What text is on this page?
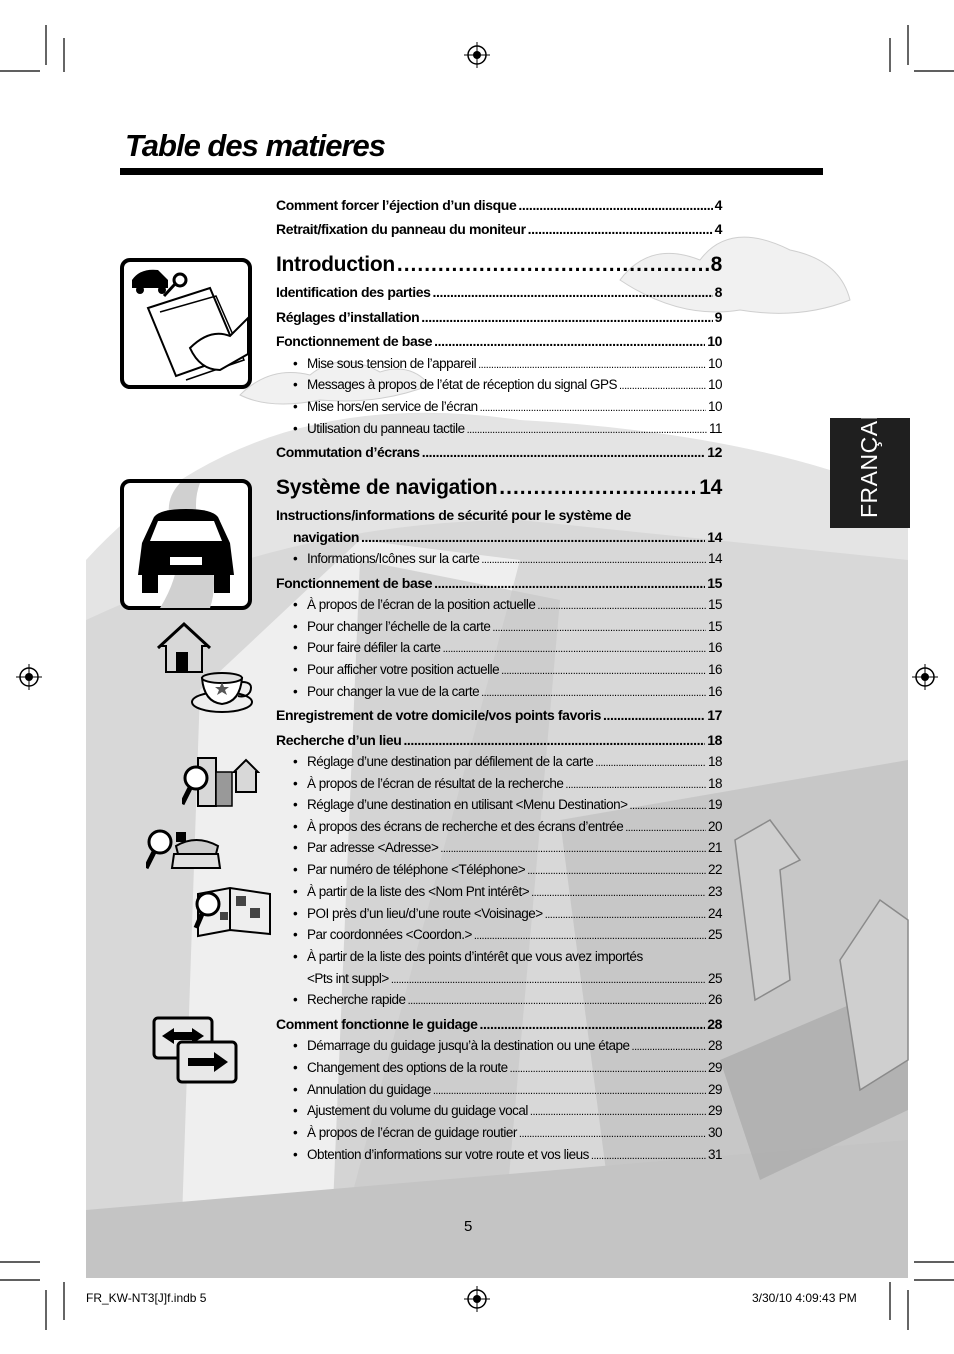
Table des matieres
FRANÇAIS
Comment forcer l’éjection d’un disque .....	4
Retrait/fixation du panneau du moniteur .....	4
Introduction .....	8
Identification des parties .....	8
Réglages d’installation .....	9
Fonctionnement de base .....	10
• Mise sous tension de l’appareil .....	10
• Messages à propos de l’état de réception du signal GPS .....	10
• Mise hors/en service de l’écran .....	10
• Utilisation du panneau tactile .....	11
Commutation d’écrans .....	12
Système de navigation .....	14
Instructions/informations de sécurité pour le système de
navigation .....	14
• Informations/Icônes sur la carte .....	14
Fonctionnement de base .....	15
• À propos de l’écran de la position actuelle .....	15
• Pour changer l’échelle de la carte .....	15
• Pour faire défiler la carte .....	16
• Pour afficher votre position actuelle .....	16
• Pour changer la vue de la carte .....	16
Enregistrement de votre domicile/vos points favoris .....	17
Recherche d’un lieu .....	18
• Réglage d’une destination par défilement de la carte .....	18
• À propos de l’écran de résultat de la recherche .....	18
• Réglage d’une destination en utilisant <Menu Destination> .....	19
• À propos des écrans de recherche et des écrans d’entrée .....	20
• Par adresse <Adresse> .....	21
• Par numéro de téléphone <Téléphone> .....	22
• À partir de la liste des <Nom Pnt intérêt> .....	23
• POI près d’un lieu/d’une route <Voisinage> .....	24
• Par coordonnées <Coordon.> .....	25
• À partir de la liste des points d’intérêt que vous avez importés
<Pts int suppl> .....	25
• Recherche rapide .....	26
Comment fonctionne le guidage .....	28
• Démarrage du guidage jusqu’à la destination ou une étape .....	28
• Changement des options de la route .....	29
• Annulation du guidage .....	29
• Ajustement du volume du guidage vocal .....	29
• À propos de l’écran de guidage routier .....	30
• Obtention d’informations sur votre route et vos lieus .....	31
5
FR_KW-NT3[J]f.indb 5	3/30/10 4:09:43 PM
